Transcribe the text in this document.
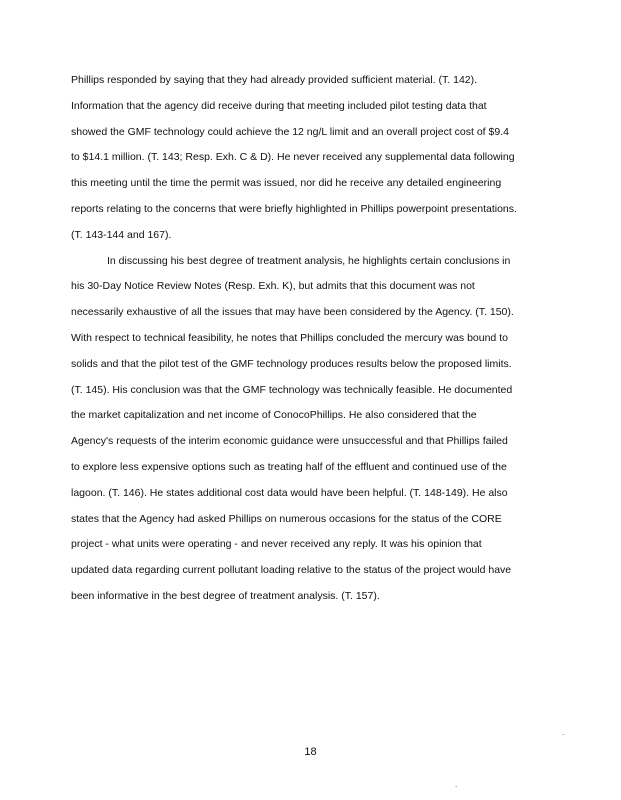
Phillips responded by saying that they had already provided sufficient material. (T. 142).
Information that the agency did receive during that meeting included pilot testing data that
showed the GMF technology could achieve the 12 ng/L limit and an overall project cost of $9.4
to $14.1 million. (T. 143; Resp. Exh. C & D). He never received any supplemental data following
this meeting until the time the permit was issued, nor did he receive any detailed engineering
reports relating to the concerns that were briefly highlighted in Phillips powerpoint presentations.
(T. 143-144 and 167).
In discussing his best degree of treatment analysis, he highlights certain conclusions in
his 30-Day Notice Review Notes (Resp. Exh. K), but admits that this document was not
necessarily exhaustive of all the issues that may have been considered by the Agency. (T. 150).
With respect to technical feasibility, he notes that Phillips concluded the mercury was bound to
solids and that the pilot test of the GMF technology produces results below the proposed limits.
(T. 145). His conclusion was that the GMF technology was technically feasible. He documented
the market capitalization and net income of ConocoPhillips. He also considered that the
Agency's requests of the interim economic guidance were unsuccessful and that Phillips failed
to explore less expensive options such as treating half of the effluent and continued use of the
lagoon. (T. 146). He states additional cost data would have been helpful. (T. 148-149). He also
states that the Agency had asked Phillips on numerous occasions for the status of the CORE
project - what units were operating - and never received any reply. It was his opinion that
updated data regarding current pollutant loading relative to the status of the project would have
been informative in the best degree of treatment analysis. (T. 157).
18
.
.
